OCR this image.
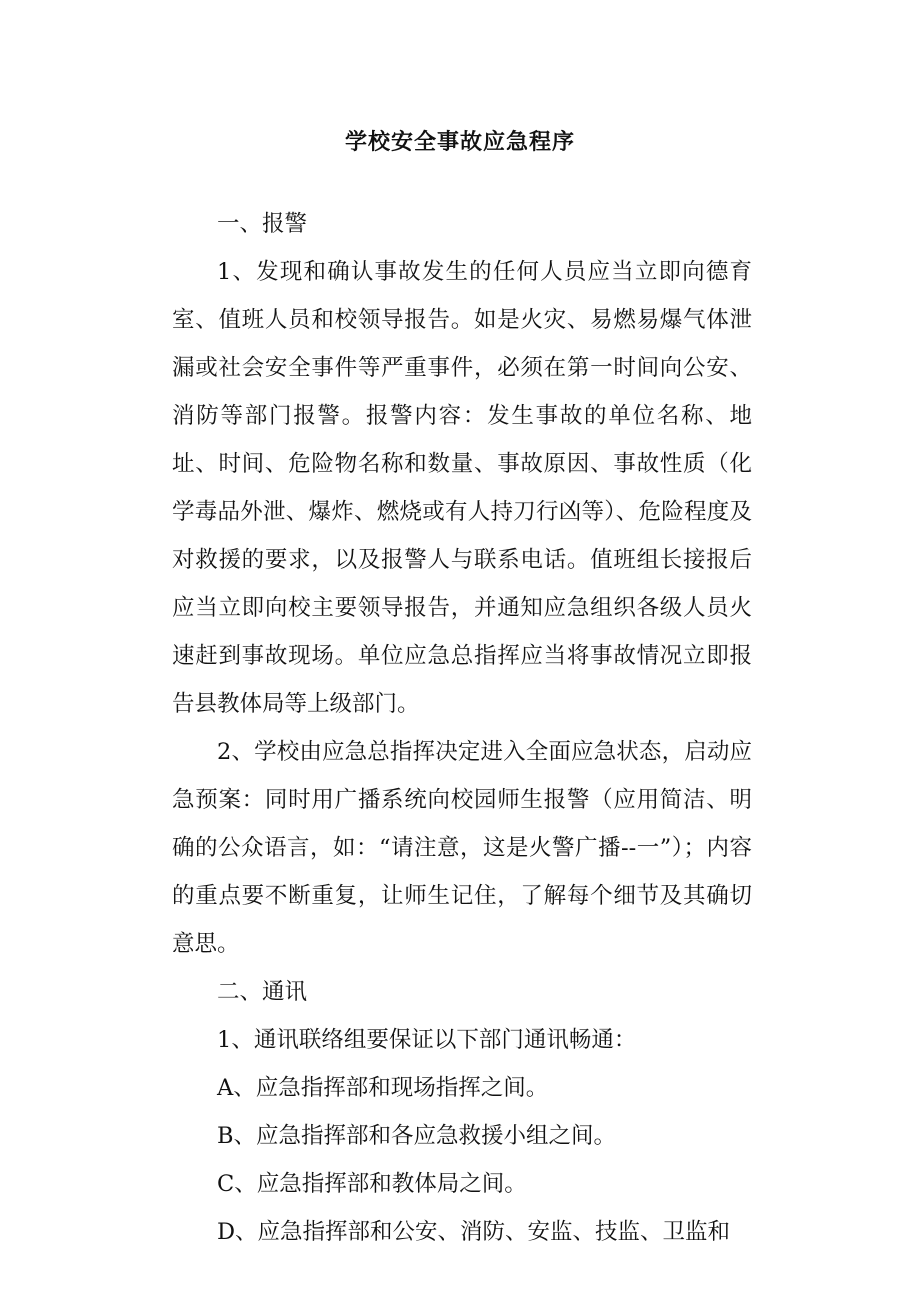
学校安全事故应急程序

一、报警

1、发现和确认事故发生的任何人员应当立即向德育室、值班人员和校领导报告。如是火灾、易燃易爆气体泄漏或社会安全事件等严重事件，必须在第一时间向公安、消防等部门报警。报警内容：发生事故的单位名称、地址、时间、危险物名称和数量、事故原因、事故性质（化学毒品外泄、爆炸、燃烧或有人持刀行凶等）、危险程度及对救援的要求，以及报警人与联系电话。值班组长接报后应当立即向校主要领导报告，并通知应急组织各级人员火速赶到事故现场。单位应急总指挥应当将事故情况立即报告县教体局等上级部门。

2、学校由应急总指挥决定进入全面应急状态，启动应急预案：同时用广播系统向校园师生报警（应用简洁、明确的公众语言，如：“请注意，这是火警广播--一”）；内容的重点要不断重复，让师生记住，了解每个细节及其确切意思。

二、通讯

1、通讯联络组要保证以下部门通讯畅通：

A、应急指挥部和现场指挥之间。

B、应急指挥部和各应急救援小组之间。

C、应急指挥部和教体局之间。

D、应急指挥部和公安、消防、安监、技监、卫监和
